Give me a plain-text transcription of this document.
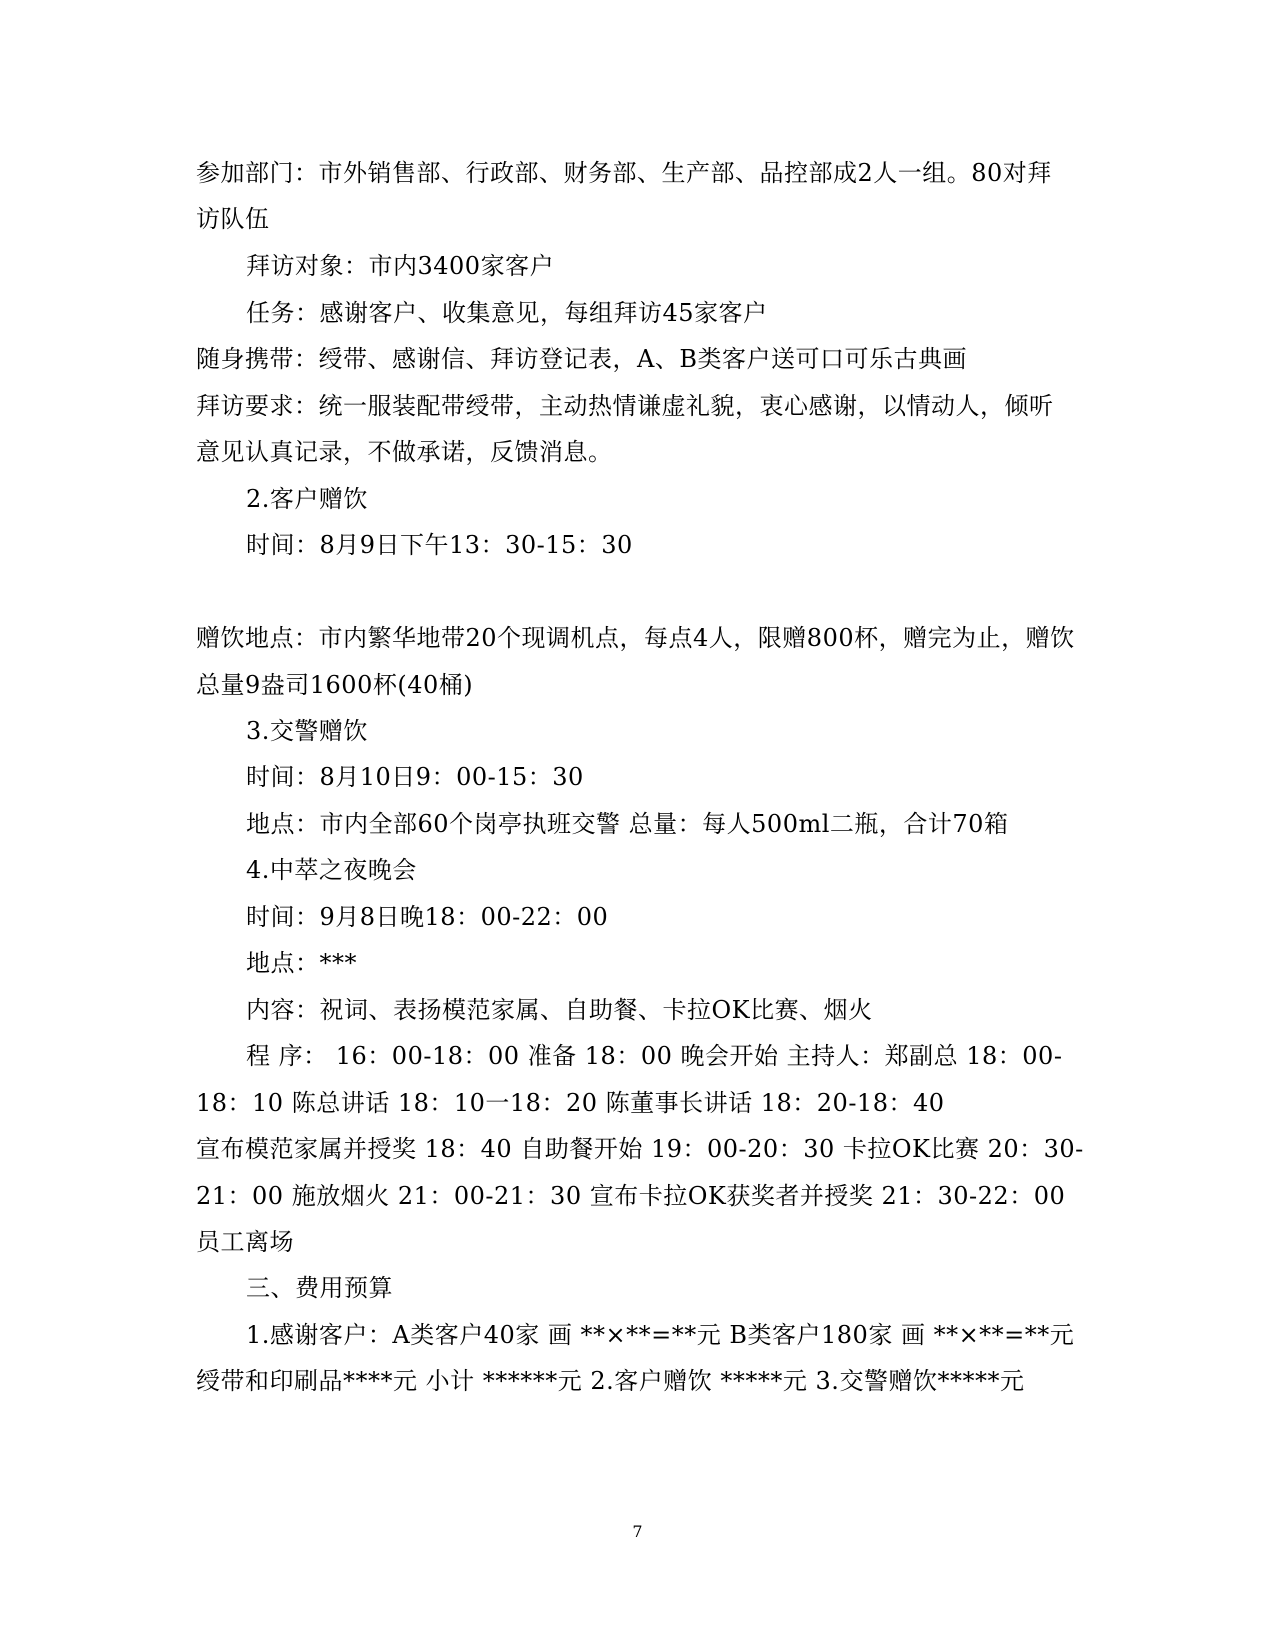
参加部门：市外销售部、行政部、财务部、生产部、品控部成2人一组。80对拜
访队伍
拜访对象：市内3400家客户
任务：感谢客户、收集意见，每组拜访45家客户
随身携带：绶带、感谢信、拜访登记表，A、B类客户送可口可乐古典画
拜访要求：统一服装配带绶带，主动热情谦虚礼貌，衷心感谢，以情动人，倾听
意见认真记录，不做承诺，反馈消息。
2.客户赠饮
时间：8月9日下午13：30-15：30
赠饮地点：市内繁华地带20个现调机点，每点4人，限赠800杯，赠完为止，赠饮
总量9盎司1600杯(40桶)
3.交警赠饮
时间：8月10日9：00-15：30
地点：市内全部60个岗亭执班交警 总量：每人500ml二瓶，合计70箱
4.中萃之夜晚会
时间：9月8日晚18：00-22：00
地点：***
内容：祝词、表扬模范家属、自助餐、卡拉OK比赛、烟火
程 序： 16：00-18：00 准备 18：00 晚会开始 主持人：郑副总 18：00-
18：10 陈总讲话 18：10一18：20 陈董事长讲话 18：20-18：40
宣布模范家属并授奖 18：40 自助餐开始 19：00-20：30 卡拉OK比赛 20：30-
21：00 施放烟火 21：00-21：30 宣布卡拉OK获奖者并授奖 21：30-22：00
员工离场
三、费用预算
1.感谢客户：A类客户40家 画 **×**=**元 B类客户180家 画 **×**=**元
绶带和印刷品****元 小计 ******元 2.客户赠饮 *****元 3.交警赠饮*****元
7
